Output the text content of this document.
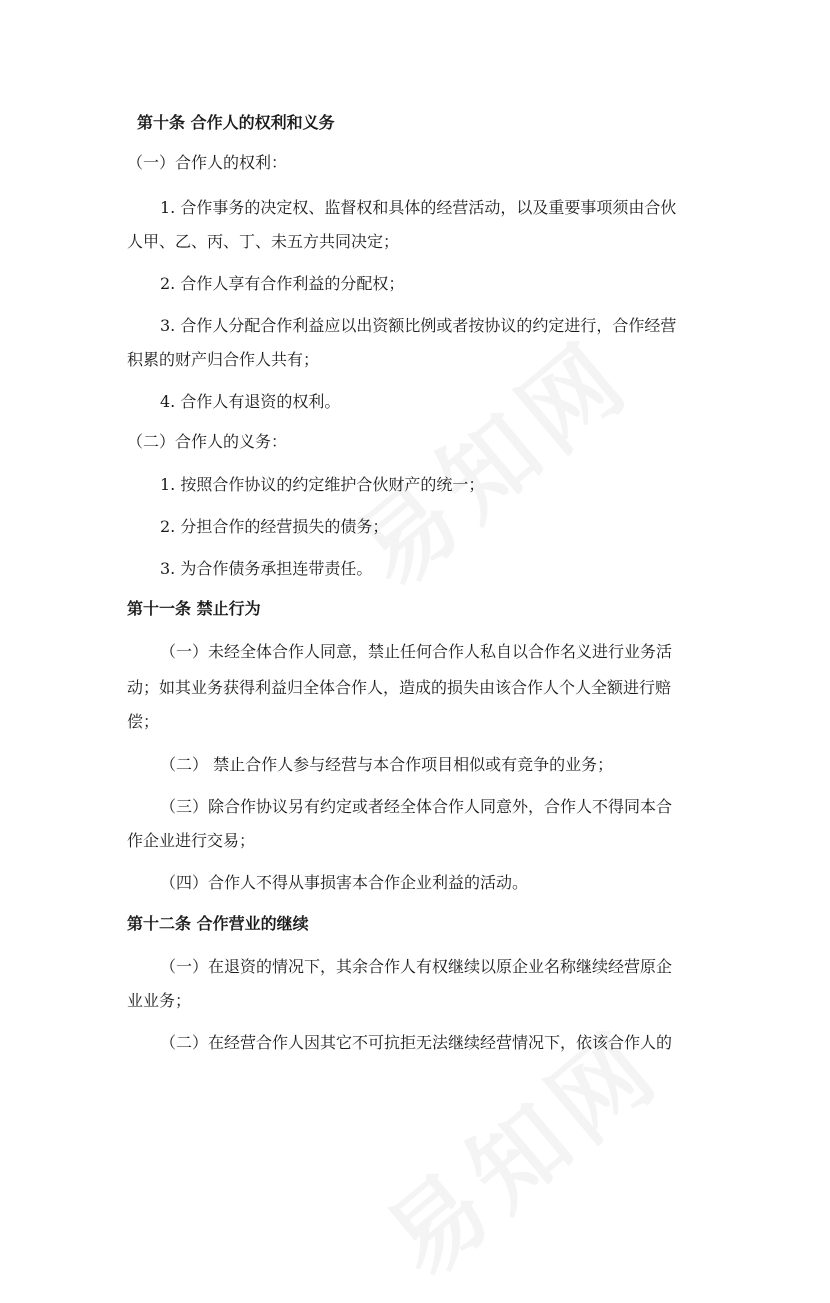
第十条 合作人的权利和义务
（一）合作人的权利：
1. 合作事务的决定权、监督权和具体的经营活动，以及重要事项须由合伙
人甲、乙、丙、丁、未五方共同决定；
2. 合作人享有合作利益的分配权；
3. 合作人分配合作利益应以出资额比例或者按协议的约定进行，合作经营
积累的财产归合作人共有；
4. 合作人有退资的权利。
（二）合作人的义务：
1. 按照合作协议的约定维护合伙财产的统一；
2. 分担合作的经营损失的债务；
3. 为合作债务承担连带责任。
第十一条 禁止行为
（一）未经全体合作人同意，禁止任何合作人私自以合作名义进行业务活
动；如其业务获得利益归全体合作人，造成的损失由该合作人个人全额进行赔
偿；
（二） 禁止合作人参与经营与本合作项目相似或有竞争的业务；
（三）除合作协议另有约定或者经全体合作人同意外，合作人不得同本合
作企业进行交易；
（四）合作人不得从事损害本合作企业利益的活动。
第十二条 合作营业的继续
（一）在退资的情况下，其余合作人有权继续以原企业名称继续经营原企
业业务；
（二）在经营合作人因其它不可抗拒无法继续经营情况下，依该合作人的
